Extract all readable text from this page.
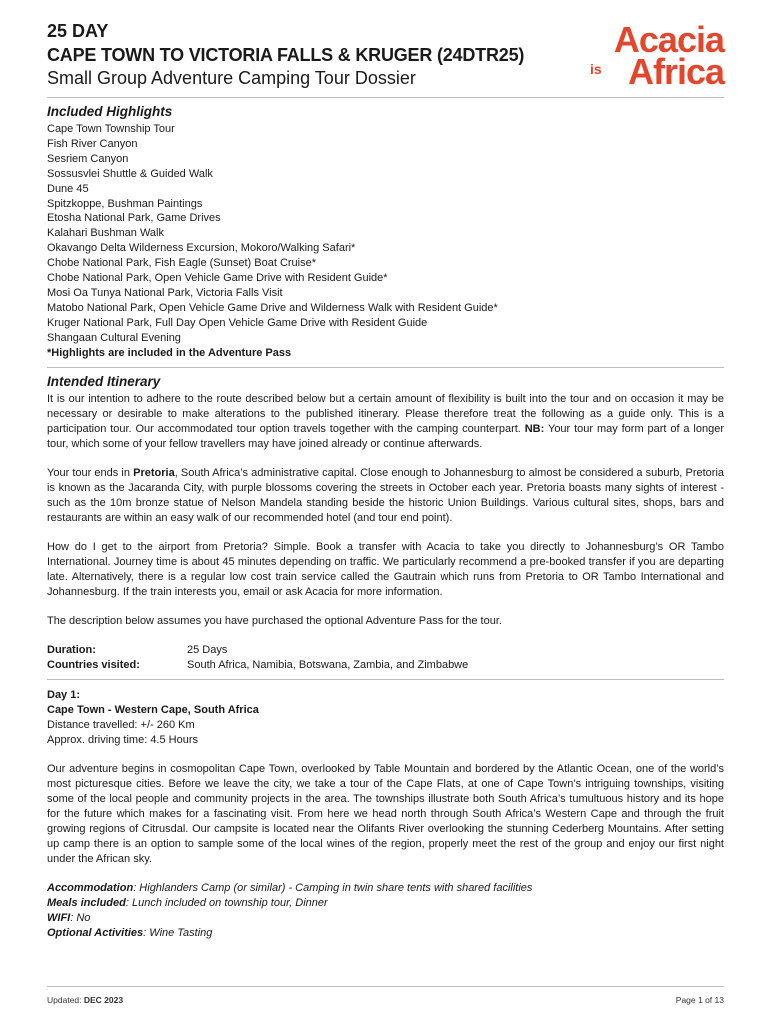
25 DAY
CAPE TOWN TO VICTORIA FALLS & KRUGER (24DTR25)
Small Group Adventure Camping Tour Dossier
Acacia
is Africa
Included Highlights
Cape Town Township Tour
Fish River Canyon
Sesriem Canyon
Sossusvlei Shuttle & Guided Walk
Dune 45
Spitzkoppe, Bushman Paintings
Etosha National Park, Game Drives
Kalahari Bushman Walk
Okavango Delta Wilderness Excursion, Mokoro/Walking Safari*
Chobe National Park, Fish Eagle (Sunset) Boat Cruise*
Chobe National Park, Open Vehicle Game Drive with Resident Guide*
Mosi Oa Tunya National Park, Victoria Falls Visit
Matobo National Park, Open Vehicle Game Drive and Wilderness Walk with Resident Guide*
Kruger National Park, Full Day Open Vehicle Game Drive with Resident Guide
Shangaan Cultural Evening
*Highlights are included in the Adventure Pass
Intended Itinerary
It is our intention to adhere to the route described below but a certain amount of flexibility is built into the tour and on occasion it may be necessary or desirable to make alterations to the published itinerary. Please therefore treat the following as a guide only. This is a participation tour. Our accommodated tour option travels together with the camping counterpart. NB: Your tour may form part of a longer tour, which some of your fellow travellers may have joined already or continue afterwards.
Your tour ends in Pretoria, South Africa’s administrative capital. Close enough to Johannesburg to almost be considered a suburb, Pretoria is known as the Jacaranda City, with purple blossoms covering the streets in October each year. Pretoria boasts many sights of interest - such as the 10m bronze statue of Nelson Mandela standing beside the historic Union Buildings. Various cultural sites, shops, bars and restaurants are within an easy walk of our recommended hotel (and tour end point).
How do I get to the airport from Pretoria? Simple. Book a transfer with Acacia to take you directly to Johannesburg’s OR Tambo International. Journey time is about 45 minutes depending on traffic. We particularly recommend a pre-booked transfer if you are departing late. Alternatively, there is a regular low cost train service called the Gautrain which runs from Pretoria to OR Tambo International and Johannesburg. If the train interests you, email or ask Acacia for more information.
The description below assumes you have purchased the optional Adventure Pass for the tour.
Duration:	25 Days
Countries visited:	South Africa, Namibia, Botswana, Zambia, and Zimbabwe
Day 1:
Cape Town - Western Cape, South Africa
Distance travelled: +/- 260 Km
Approx. driving time: 4.5 Hours
Our adventure begins in cosmopolitan Cape Town, overlooked by Table Mountain and bordered by the Atlantic Ocean, one of the world’s most picturesque cities. Before we leave the city, we take a tour of the Cape Flats, at one of Cape Town’s intriguing townships, visiting some of the local people and community projects in the area. The townships illustrate both South Africa’s tumultuous history and its hope for the future which makes for a fascinating visit. From here we head north through South Africa’s Western Cape and through the fruit growing regions of Citrusdal. Our campsite is located near the Olifants River overlooking the stunning Cederberg Mountains. After setting up camp there is an option to sample some of the local wines of the region, properly meet the rest of the group and enjoy our first night under the African sky.
Accommodation: Highlanders Camp (or similar) - Camping in twin share tents with shared facilities
Meals included: Lunch included on township tour, Dinner
WIFI: No
Optional Activities: Wine Tasting
Updated: DEC 2023	Page 1 of 13
